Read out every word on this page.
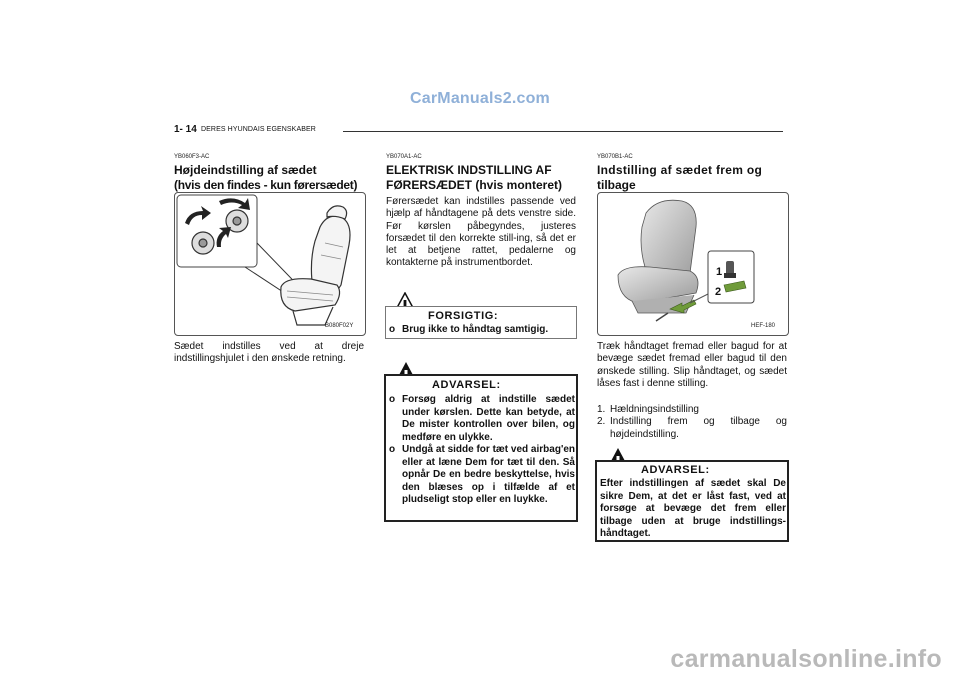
CarManuals2.com
carmanualsonline.info
1- 14 DERES HYUNDAIS EGENSKABER
YB060F3-AC
Højdeindstilling af sædet
(hvis den findes - kun førersædet)
B080F02Y
Sædet indstilles ved at dreje indstillingshjulet i den ønskede retning.
YB070A1-AC
ELEKTRISK INDSTILLING AF
FØRERSÆDET (hvis monteret)
Førersædet kan indstilles passende ved hjælp af håndtagene på dets venstre side. Før kørslen påbegyndes, justeres forsædet til den korrekte still-ing, så det er let at betjene rattet, pedalerne og kontakterne på instrumentbordet.
FORSIGTIG:
o Brug ikke to håndtag samtigig.
ADVARSEL:
o Forsøg aldrig at indstille sædet under kørslen. Dette kan betyde, at De mister kontrollen over bilen, og medføre en ulykke.
o Undgå at sidde for tæt ved airbag'en eller at læne Dem for tæt til den. Så opnår De en bedre beskyttelse, hvis den blæses op i tilfælde af et pludseligt stop eller en luykke.
YB070B1-AC
Indstilling af sædet frem og
tilbage
1
2
HEF-180
Træk håndtaget fremad eller bagud for at bevæge sædet fremad eller bagud til den ønskede stilling. Slip håndtaget, og sædet låses fast i denne stilling.
1. Hældningsindstilling
2. Indstilling frem og tilbage og højdeindstilling.
ADVARSEL:
Efter indstillingen af sædet skal De sikre Dem, at det er låst fast, ved at forsøge at bevæge det frem eller tilbage uden at bruge indstillings-håndtaget.
